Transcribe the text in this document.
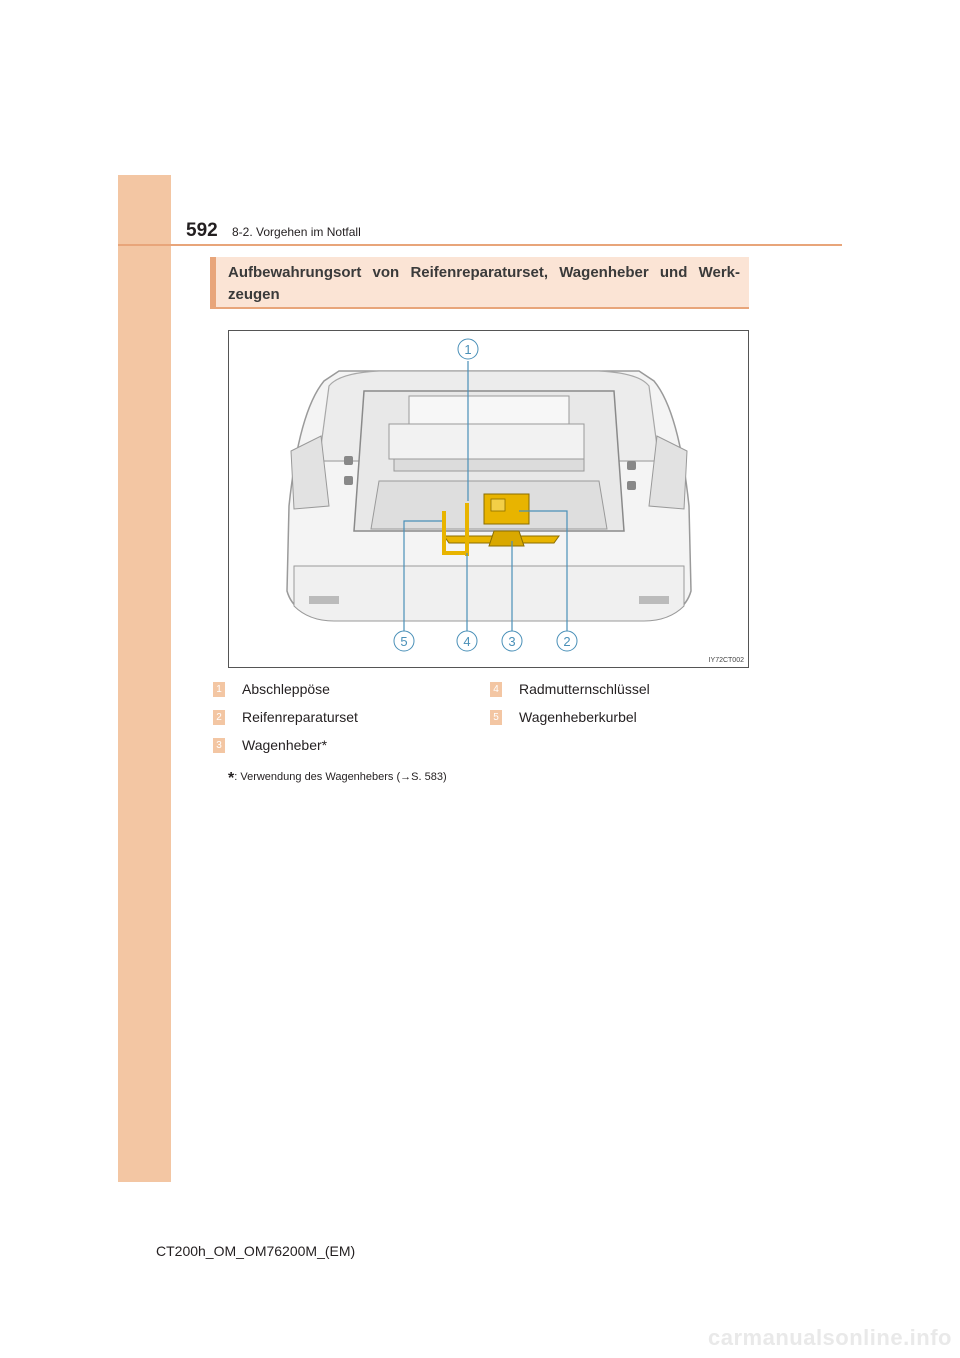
592 8-2. Vorgehen im Notfall
Aufbewahrungsort von Reifenreparaturset, Wagenheber und Werk-zeugen
1
5	4	3	2
IY72CT002
1 Abschleppöse
2 Reifenreparaturset
3 Wagenheber*
4 Radmutternschlüssel
5 Wagenheberkurbel
*: Verwendung des Wagenhebers (→S. 583)
CT200h_OM_OM76200M_(EM)
carmanualsonline.info
